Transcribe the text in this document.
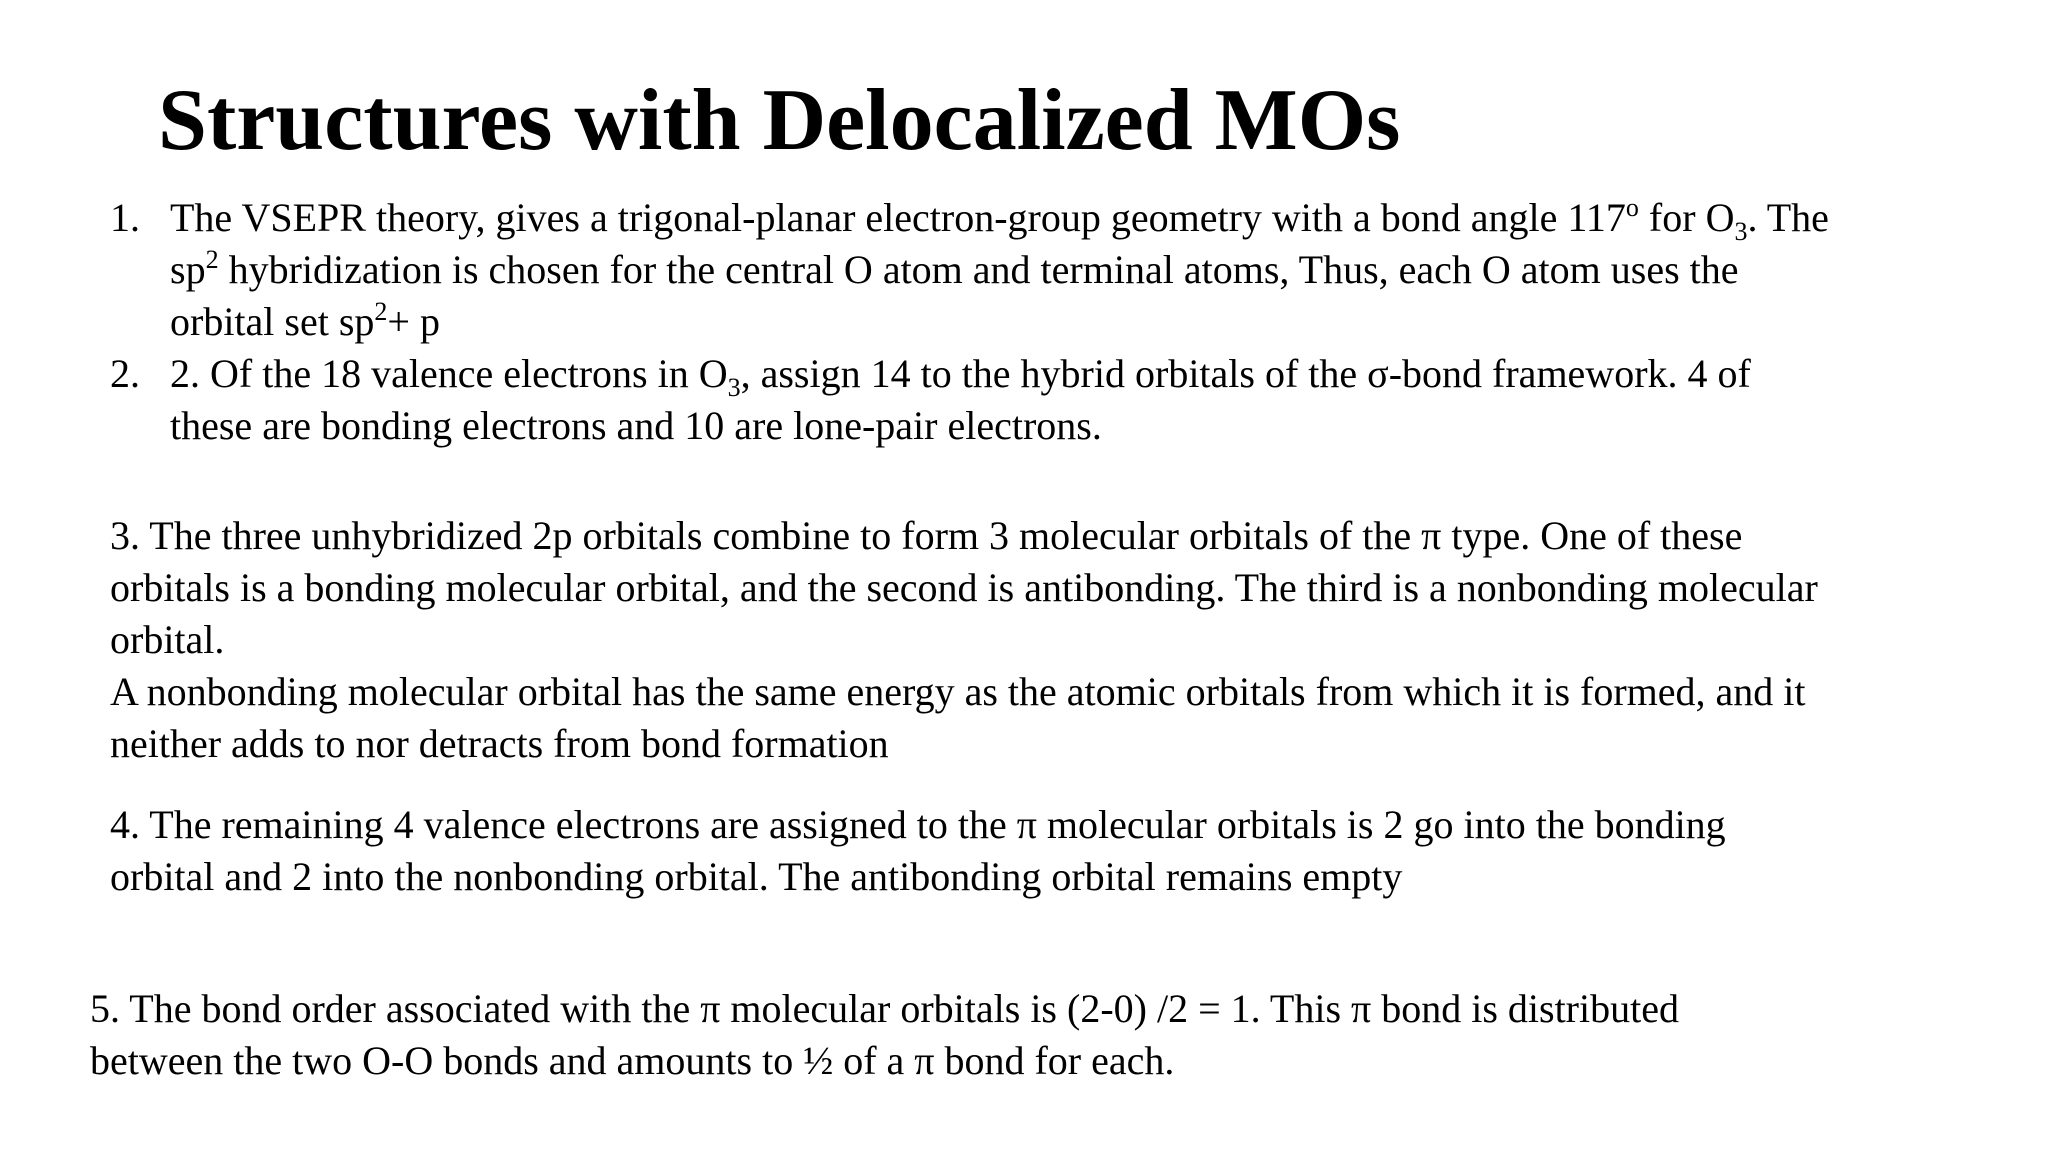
Structures with Delocalized MOs
1. The VSEPR theory, gives a trigonal-planar electron-group geometry with a bond angle 117$^o$ for $O_3$. The
$sp^2$ hybridization is chosen for the central O atom and terminal atoms, Thus, each O atom uses the
orbital set $sp^2+ p$
2. 2. Of the 18 valence electrons in $O_3$, assign 14 to the hybrid orbitals of the σ-bond framework. 4 of
these are bonding electrons and 10 are lone-pair electrons.
3. The three unhybridized 2p orbitals combine to form 3 molecular orbitals of the π type. One of these
orbitals is a bonding molecular orbital, and the second is antibonding. The third is a nonbonding molecular
orbital.
A nonbonding molecular orbital has the same energy as the atomic orbitals from which it is formed, and it
neither adds to nor detracts from bond formation
4. The remaining 4 valence electrons are assigned to the π molecular orbitals is 2 go into the bonding
orbital and 2 into the nonbonding orbital. The antibonding orbital remains empty
5. The bond order associated with the π molecular orbitals is (2-0) /2 = 1. This π bond is distributed
between the two O-O bonds and amounts to ½ of a π bond for each.
